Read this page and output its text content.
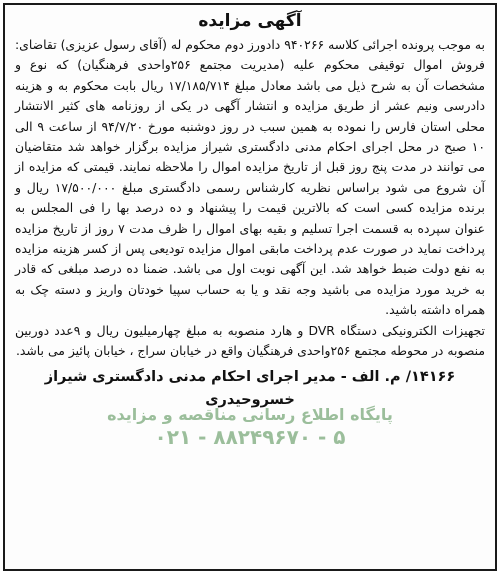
آگهی مزایده

به موجب پرونده اجرائی کلاسه ۹۴۰۲۶۶ دادورز دوم محکوم له (آقای رسول عزیزی) تقاضای: فروش اموال توقیفی محکوم علیه (مدیریت مجتمع ۲۵۶واحدی فرهنگیان) که نوع و مشخصات آن به شرح ذیل می باشد معادل مبلغ ۱۷/۱۸۵/۷۱۴ ریال بابت محکوم به و هزینه دادرسی ونیم عشر از طریق مزایده و انتشار آگهی در یکی از روزنامه های کثیر الانتشار محلی استان فارس را نموده به همین سبب در روز دوشنبه مورخ ۹۴/۷/۲۰ از ساعت ۹ الی ۱۰ صبح در محل اجرای احکام مدنی دادگستری شیراز مزایده برگزار خواهد شد متقاضیان می توانند در مدت پنج روز قبل از تاریخ مزایده اموال را ملاحظه نمایند. قیمتی که مزایده از آن شروع می شود براساس نظریه کارشناس رسمی دادگستری مبلغ ۱۷/۵۰۰/۰۰۰ ریال و برنده مزایده کسی است که بالاترین قیمت را پیشنهاد و ده درصد بها را فی المجلس به عنوان سپرده به قسمت اجرا تسلیم و بقیه بهای اموال را ظرف مدت ۷ روز از تاریخ مزایده پرداخت نماید در صورت عدم پرداخت مابقی اموال مزایده تودیعی پس از کسر هزینه مزایده به نفع دولت ضبط خواهد شد. این آگهی نوبت اول می باشد. ضمنا ده درصد مبلغی که قادر به خرید مورد مزایده می باشید وجه نقد و یا به حساب سپیا خودتان واریز و دسته چک به همراه داشته باشید.

تجهیزات الکترونیکی دستگاه DVR و هارد منصوبه به مبلغ چهارمیلیون ریال و ۹عدد دوربین منصوبه در محوطه مجتمع ۲۵۶واحدی فرهنگیان واقع در خیابان سراج ، خیابان پائیز می باشد.

۱۴۱۶۶/ م. الف - مدیر اجرای احکام مدنی دادگستری شیراز
خسروحیدری
پایگاه اطلاع رسانی مناقصه و مزایده
۰۲۱ - ۸۸۲۴۹۶۷۰ - ۵
